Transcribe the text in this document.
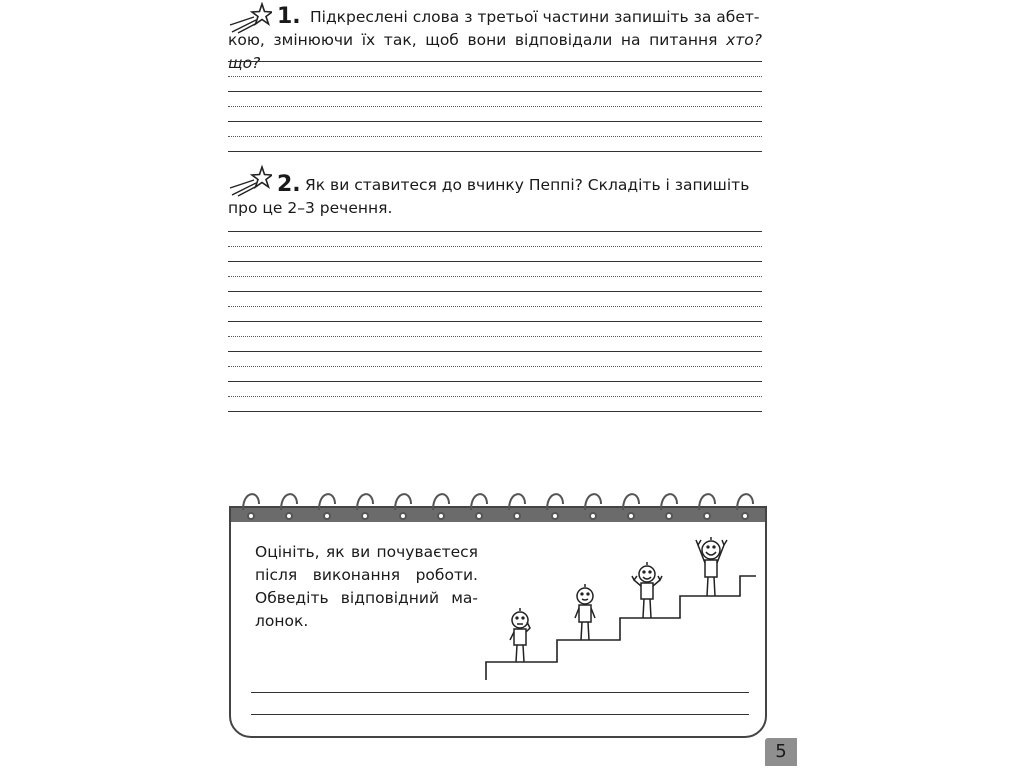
1. Підкреслені слова з третьої частини запишіть за абет-
кою, змінюючи їх так, щоб вони відповідали на питання хто? що?
2. Як ви ставитеся до вчинку Пеппі? Складіть і запишіть
про це 2–3 речення.
Оцініть, як ви почуваєтеся після виконання роботи. Обведіть відповідний ма-лонок.
5
